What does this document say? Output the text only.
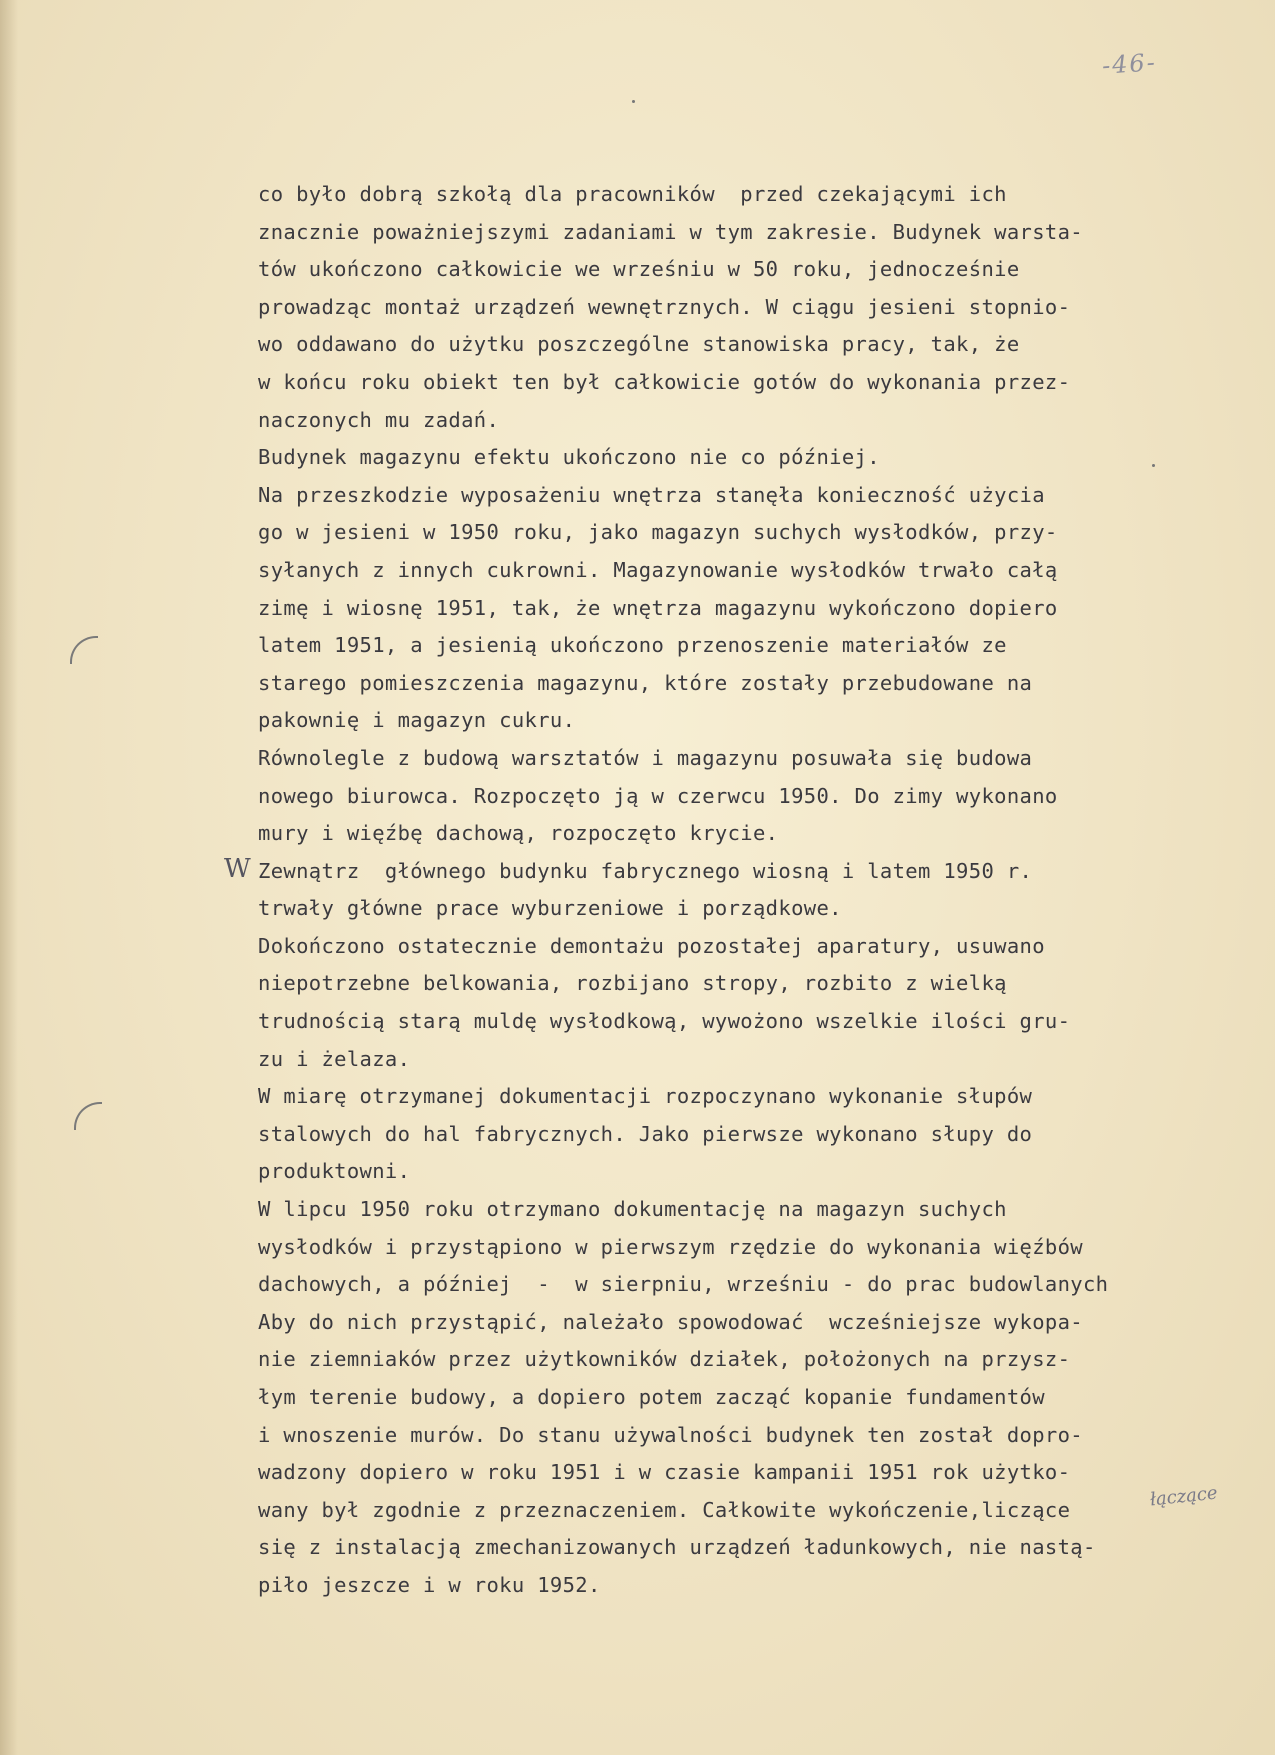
-46-
W
łączące
co było dobrą szkołą dla pracowników  przed czekającymi ich
znacznie poważniejszymi zadaniami w tym zakresie. Budynek warsta-
tów ukończono całkowicie we wrześniu w 50 roku, jednocześnie
prowadząc montaż urządzeń wewnętrznych. W ciągu jesieni stopnio-
wo oddawano do użytku poszczególne stanowiska pracy, tak, że
w końcu roku obiekt ten był całkowicie gotów do wykonania przez-
naczonych mu zadań.
Budynek magazynu efektu ukończono nie co później.
Na przeszkodzie wyposażeniu wnętrza stanęła konieczność użycia
go w jesieni w 1950 roku, jako magazyn suchych wysłodków, przy-
syłanych z innych cukrowni. Magazynowanie wysłodków trwało całą
zimę i wiosnę 1951, tak, że wnętrza magazynu wykończono dopiero
latem 1951, a jesienią ukończono przenoszenie materiałów ze
starego pomieszczenia magazynu, które zostały przebudowane na
pakownię i magazyn cukru.
Równolegle z budową warsztatów i magazynu posuwała się budowa
nowego biurowca. Rozpoczęto ją w czerwcu 1950. Do zimy wykonano
mury i więźbę dachową, rozpoczęto krycie.
Zewnątrz  głównego budynku fabrycznego wiosną i latem 1950 r.
trwały główne prace wyburzeniowe i porządkowe.
Dokończono ostatecznie demontażu pozostałej aparatury, usuwano
niepotrzebne belkowania, rozbijano stropy, rozbito z wielką
trudnością starą muldę wysłodkową, wywożono wszelkie ilości gru-
zu i żelaza.
W miarę otrzymanej dokumentacji rozpoczynano wykonanie słupów
stalowych do hal fabrycznych. Jako pierwsze wykonano słupy do
produktowni.
W lipcu 1950 roku otrzymano dokumentację na magazyn suchych
wysłodków i przystąpiono w pierwszym rzędzie do wykonania więźbów
dachowych, a później  -  w sierpniu, wrześniu - do prac budowlanych
Aby do nich przystąpić, należało spowodować  wcześniejsze wykopa-
nie ziemniaków przez użytkowników działek, położonych na przysz-
łym terenie budowy, a dopiero potem zacząć kopanie fundamentów
i wnoszenie murów. Do stanu używalności budynek ten został dopro-
wadzony dopiero w roku 1951 i w czasie kampanii 1951 rok użytko-
wany był zgodnie z przeznaczeniem. Całkowite wykończenie,liczące
się z instalacją zmechanizowanych urządzeń ładunkowych, nie nastą-
piło jeszcze i w roku 1952.
